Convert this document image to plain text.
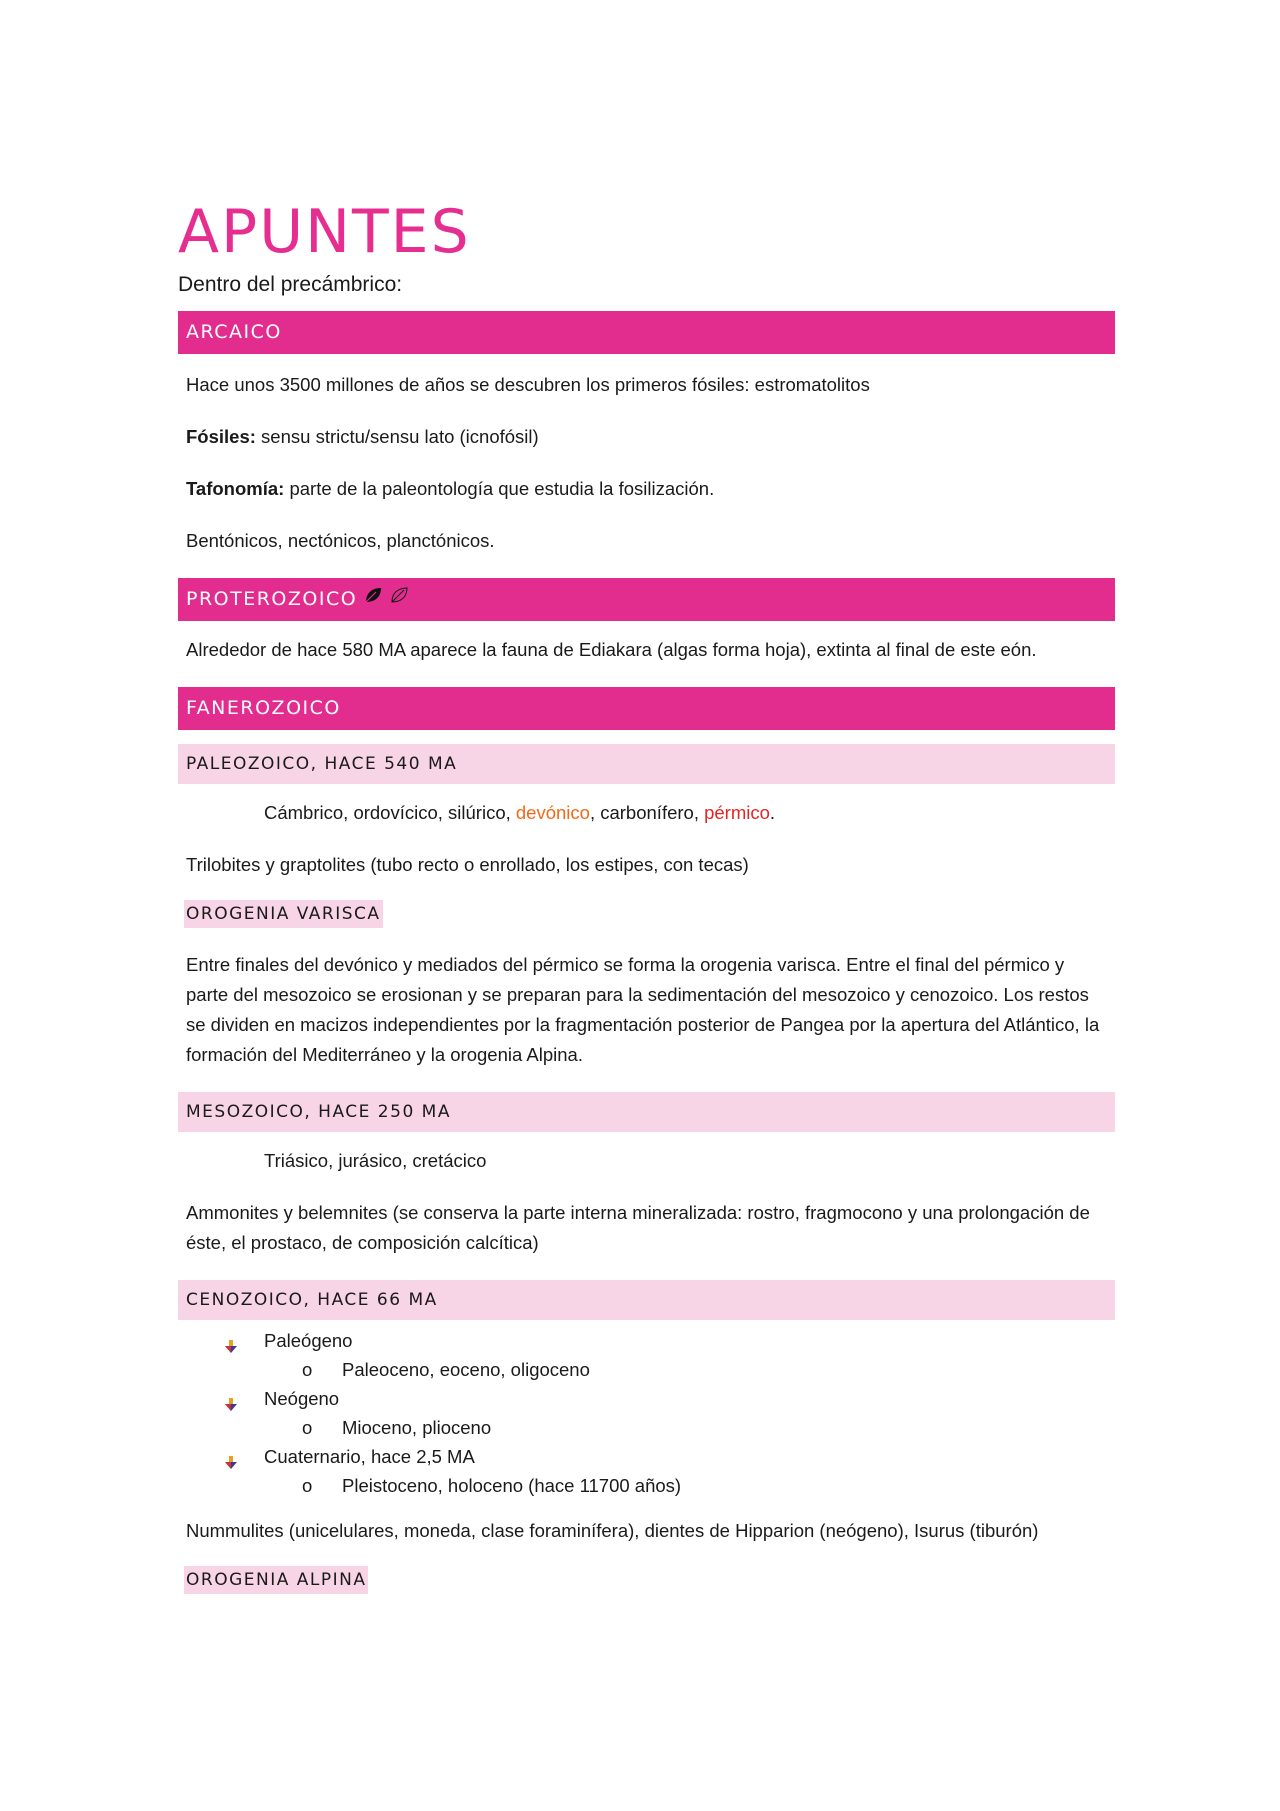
APUNTES
Dentro del precámbrico:
ARCAICO
Hace unos 3500 millones de años se descubren los primeros fósiles: estromatolitos
Fósiles: sensu strictu/sensu lato (icnofósil)
Tafonomía: parte de la paleontología que estudia la fosilización.
Bentónicos, nectónicos, planctónicos.
PROTEROZOICO
Alrededor de hace 580 MA aparece la fauna de Ediakara (algas forma hoja), extinta al final de este eón.
FANEROZOICO
PALEOZOICO, HACE 540 MA
Cámbrico, ordovícico, silúrico, devónico, carbonífero, pérmico.
Trilobites y graptolites (tubo recto o enrollado, los estipes, con tecas)
OROGENIA VARISCA
Entre finales del devónico y mediados del pérmico se forma la orogenia varisca. Entre el final del pérmico y parte del mesozoico se erosionan y se preparan para la sedimentación del mesozoico y cenozoico. Los restos se dividen en macizos independientes por la fragmentación posterior de Pangea por la apertura del Atlántico, la formación del Mediterráneo y la orogenia Alpina.
MESOZOICO, HACE 250 MA
Triásico, jurásico, cretácico
Ammonites y belemnites (se conserva la parte interna mineralizada: rostro, fragmocono y una prolongación de éste, el prostaco, de composición calcítica)
CENOZOICO, HACE 66 MA
Paleógeno
o Paleoceno, eoceno, oligoceno
Neógeno
o Mioceno, plioceno
Cuaternario, hace 2,5 MA
o Pleistoceno, holoceno (hace 11700 años)
Nummulites (unicelulares, moneda, clase foraminífera), dientes de Hipparion (neógeno), Isurus (tiburón)
OROGENIA ALPINA
